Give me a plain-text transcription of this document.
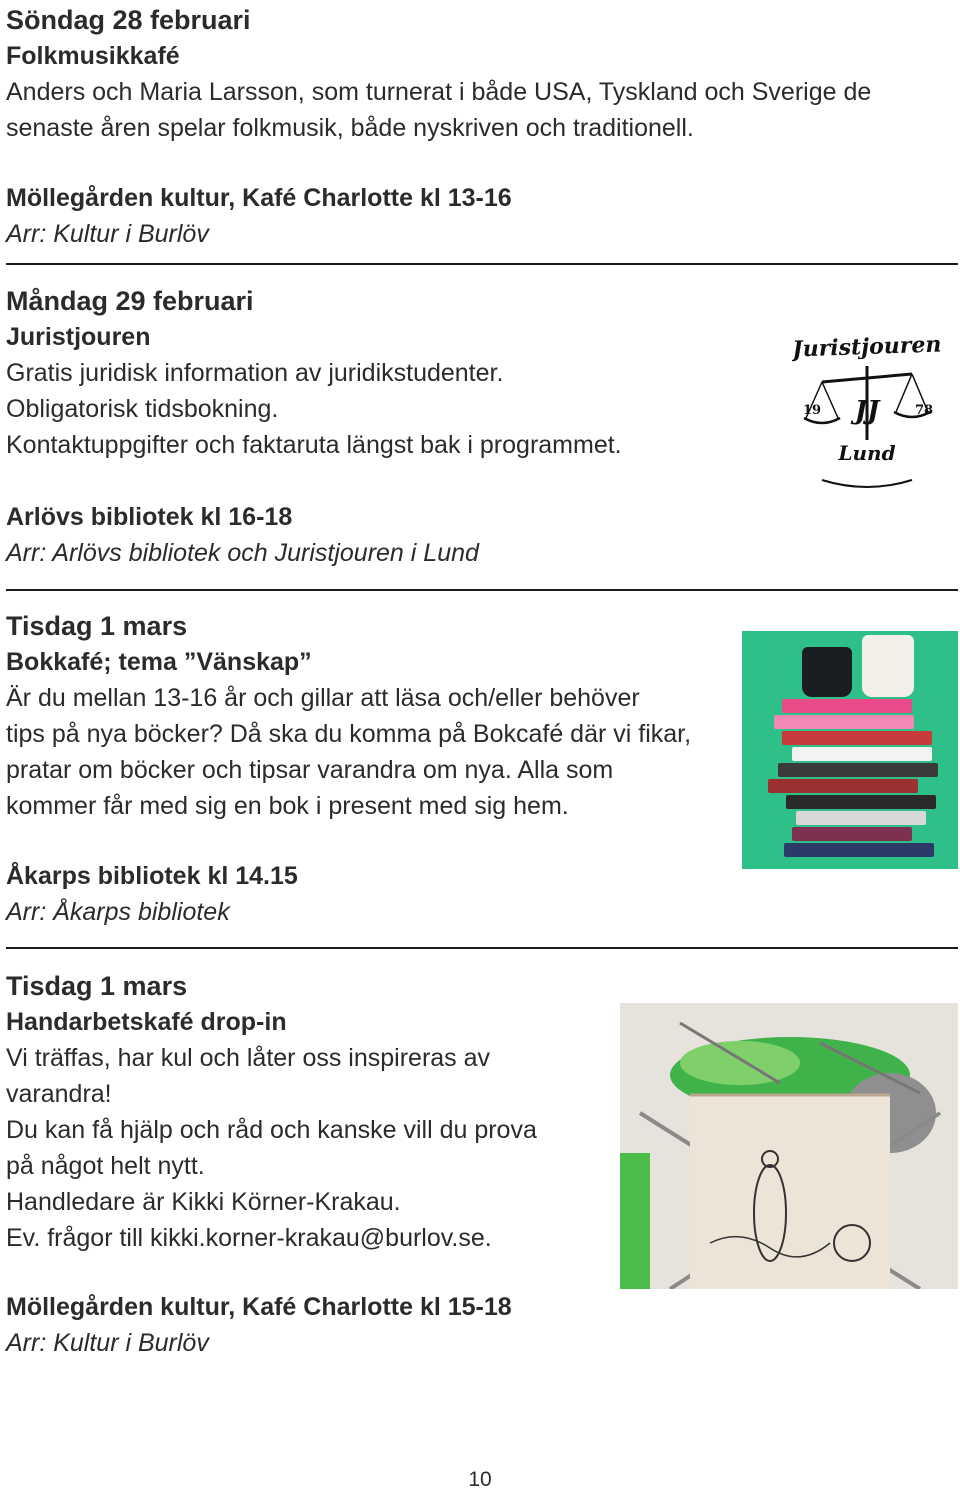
Söndag 28 februari
Folkmusikkafé
Anders och Maria Larsson, som turnerat i både USA, Tyskland och Sverige de
senaste åren spelar folkmusik, både nyskriven och traditionell.
Möllegården kultur, Kafé Charlotte kl 13-16
Arr: Kultur i Burlöv
Måndag 29 februari
Juristjouren
Gratis juridisk information av juridikstudenter.
Obligatorisk tidsbokning.
Kontaktuppgifter och faktaruta längst bak i programmet.
Arlövs bibliotek kl 16-18
Arr: Arlövs bibliotek och Juristjouren i Lund
Juristjouren
19 JJ	78
Lund
Tisdag 1 mars
Bokkafé; tema ”Vänskap”
Är du mellan 13-16 år och gillar att läsa och/eller behöver
tips på nya böcker? Då ska du komma på Bokcafé där vi fikar,
pratar om böcker och tipsar varandra om nya. Alla som
kommer får med sig en bok i present med sig hem.
Åkarps bibliotek kl 14.15
Arr: Åkarps bibliotek
Tisdag 1 mars
Handarbetskafé drop-in
Vi träffas, har kul och låter oss inspireras av
varandra!
Du kan få hjälp och råd och kanske vill du prova
på något helt nytt.
Handledare är Kikki Körner-Krakau.
Ev. frågor till kikki.korner-krakau@burlov.se.
Möllegården kultur, Kafé Charlotte kl 15-18
Arr: Kultur i Burlöv
10
